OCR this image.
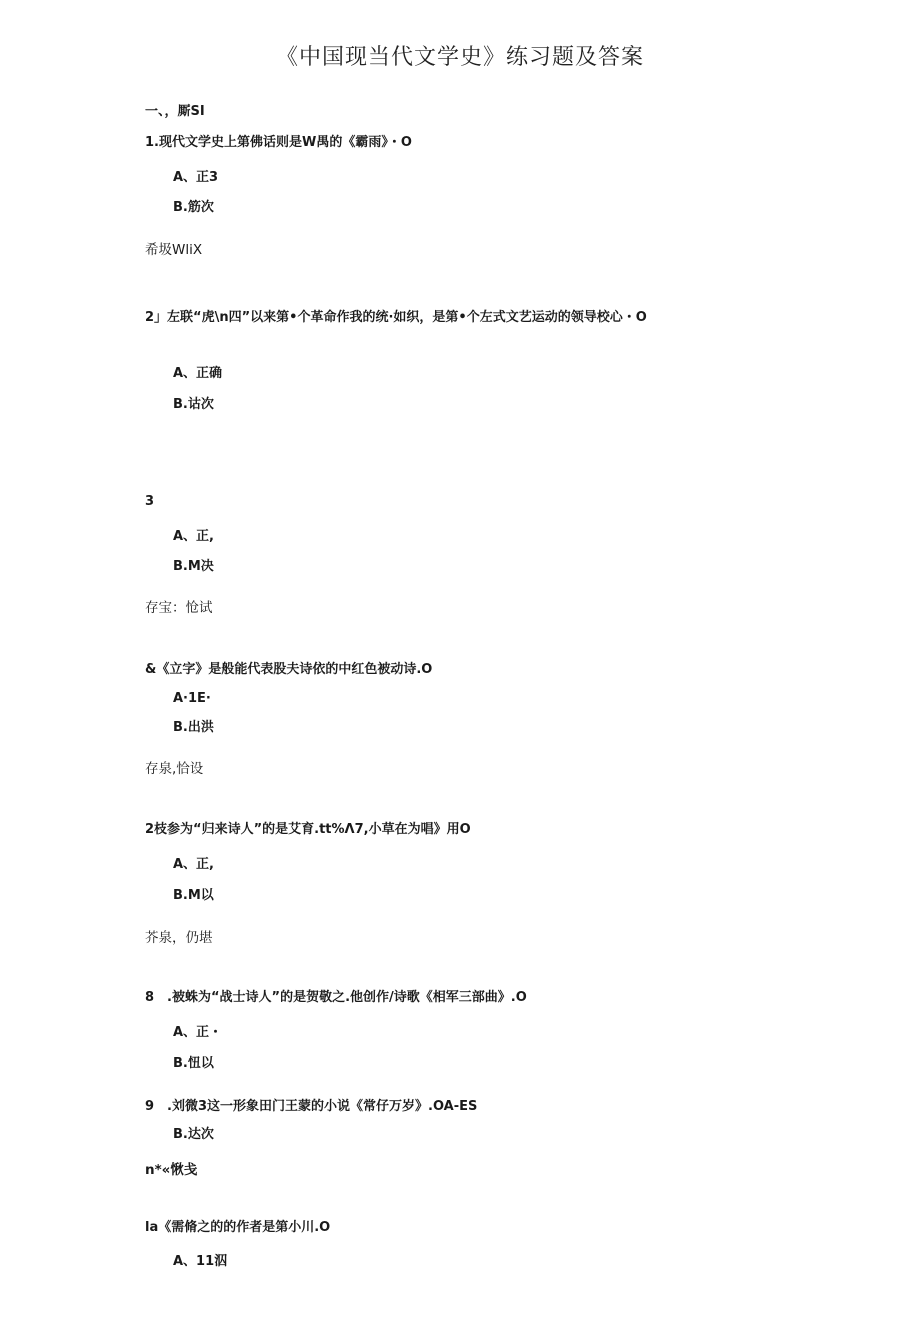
《中国现当代文学史》练习题及答案
一、，厮SI
1.现代文学史上第佛话则是W禺的《霸雨》・O
A、正3
B.筋次
希圾WliX
2」左联“虎\n四”以来第•个革命作我的统·如织，是第•个左式文艺运动的领导校心・O
A、正确
B.诂次
3
A、正,
B.M决
存宝：怆试
&《立字》是般能代表股夫诗依的中红色被动诗.O
A·1E·
B.出洪
存泉,恰设
2枝参为“归来诗人”的是艾育.tt%Λ7,小草在为唱》用O
A、正,
B.M以
芥泉，仍堪
8　.被蛛为“战士诗人”的是贺敬之.他创作/诗歌《相军三部曲》.O
A、正・
B.忸以
9　.刘微3这一形象田门王蒙的小说《常仔万岁》.OA-ES
B.达次
n*«愀戋
la《需脩之的的作者是第小川.O
A、11泅
